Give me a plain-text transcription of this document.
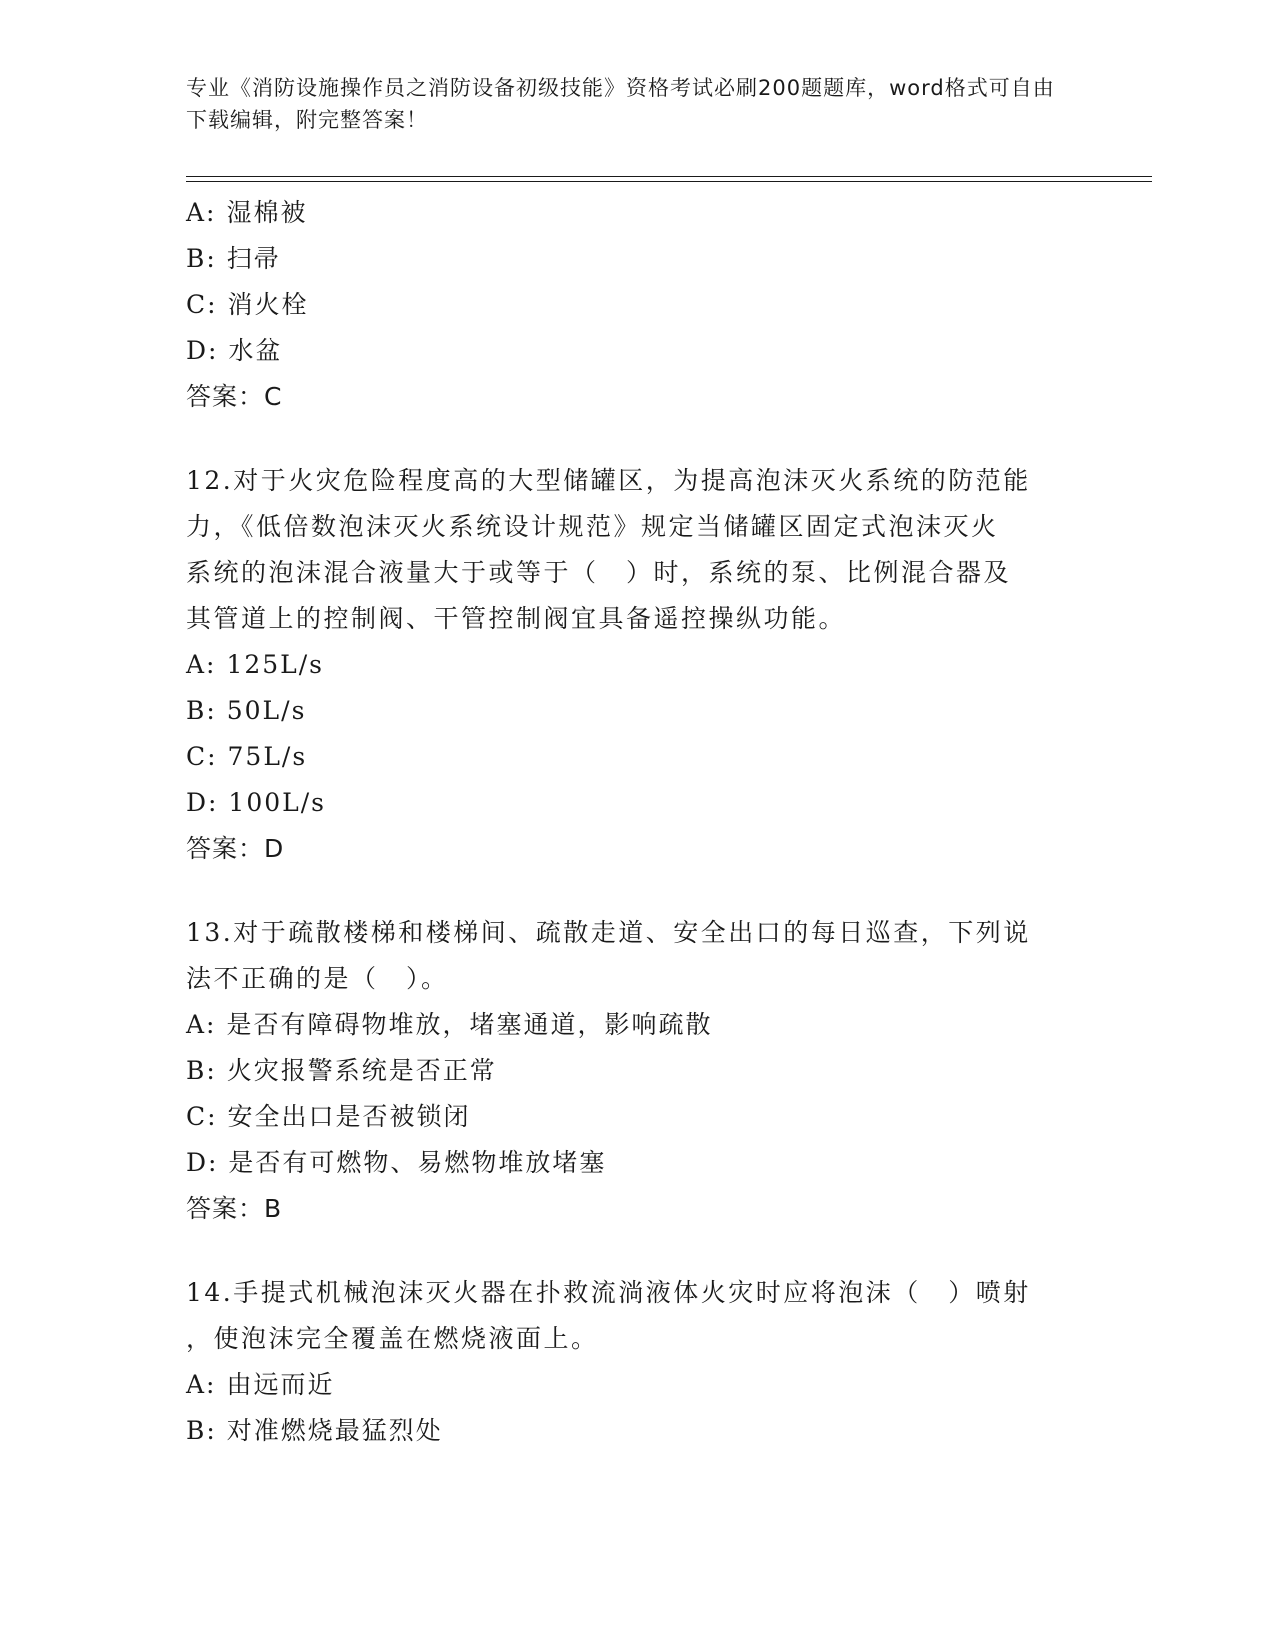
专业《消防设施操作员之消防设备初级技能》资格考试必刷200题题库，word格式可自由下载编辑，附完整答案！
A: 湿棉被
B: 扫帚
C: 消火栓
D: 水盆
答案：C
12.对于火灾危险程度高的大型储罐区，为提高泡沫灭火系统的防范能
力，《低倍数泡沫灭火系统设计规范》规定当储罐区固定式泡沫灭火
系统的泡沫混合液量大于或等于（　）时，系统的泵、比例混合器及
其管道上的控制阀、干管控制阀宜具备遥控操纵功能。
A: 125L/s
B: 50L/s
C: 75L/s
D: 100L/s
答案：D
13.对于疏散楼梯和楼梯间、疏散走道、安全出口的每日巡查，下列说
法不正确的是（　）。
A: 是否有障碍物堆放，堵塞通道，影响疏散
B: 火灾报警系统是否正常
C: 安全出口是否被锁闭
D: 是否有可燃物、易燃物堆放堵塞
答案：B
14.手提式机械泡沫灭火器在扑救流淌液体火灾时应将泡沫（　）喷射
，使泡沫完全覆盖在燃烧液面上。
A: 由远而近
B: 对准燃烧最猛烈处
